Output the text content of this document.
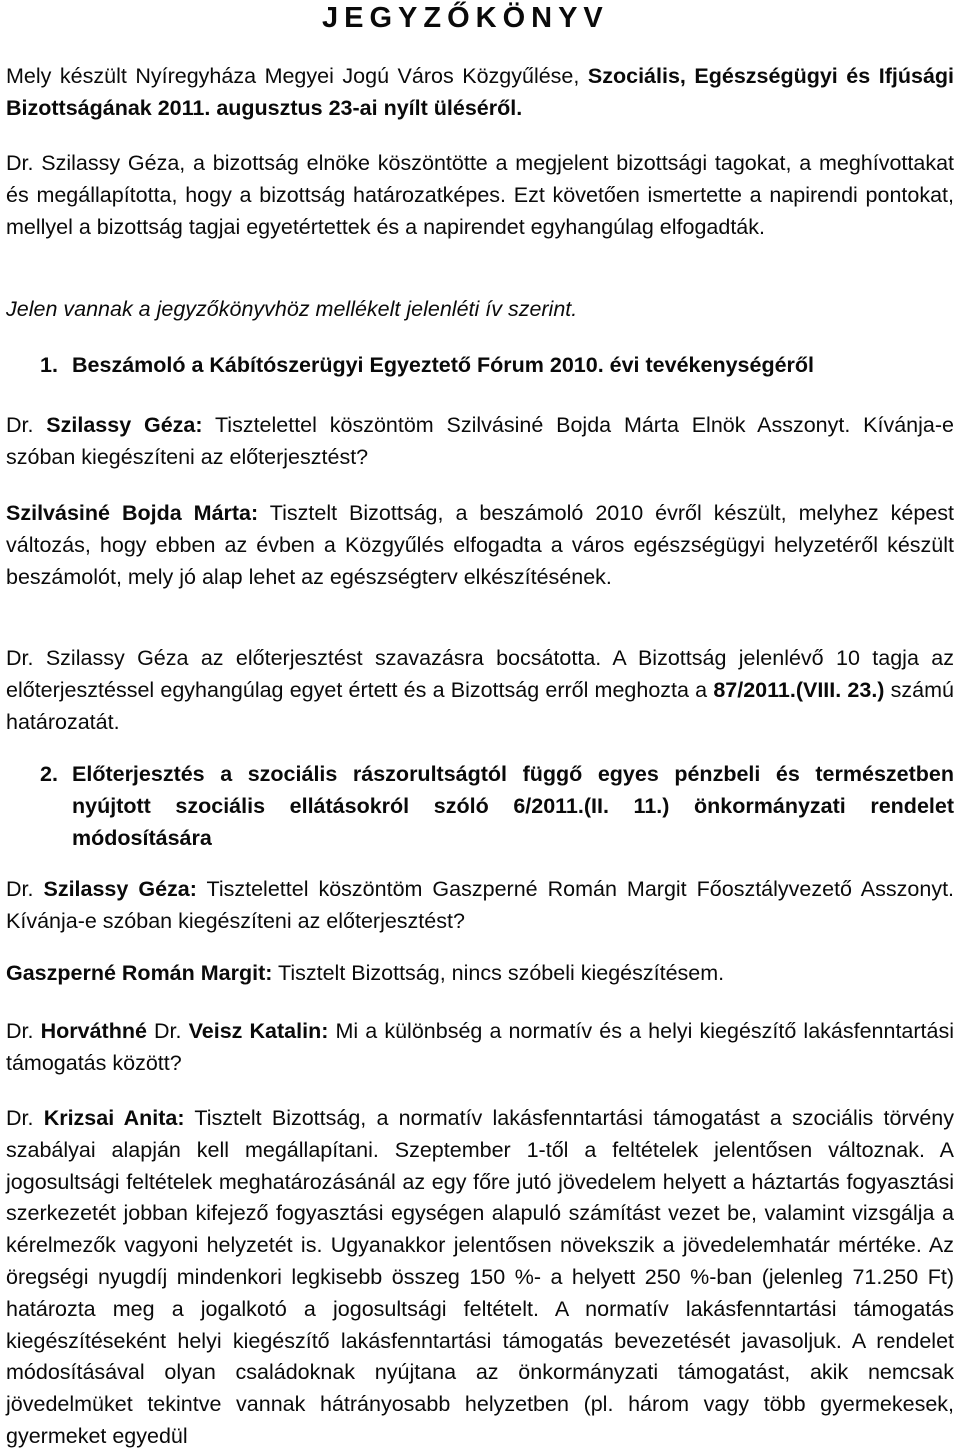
JEGYZŐKÖNYV

Mely készült Nyíregyháza Megyei Jogú Város Közgyűlése, Szociális, Egészségügyi és Ifjúsági Bizottságának 2011. augusztus 23-ai nyílt üléséről.

Dr. Szilassy Géza, a bizottság elnöke köszöntötte a megjelent bizottsági tagokat, a meghívottakat és megállapította, hogy a bizottság határozatképes. Ezt követően ismertette a napirendi pontokat, mellyel a bizottság tagjai egyetértettek és a napirendet egyhangúlag elfogadták.

Jelen vannak a jegyzőkönyvhöz mellékelt jelenléti ív szerint.

1. Beszámoló a Kábítószerügyi Egyeztető Fórum 2010. évi tevékenységéről

Dr. Szilassy Géza: Tisztelettel köszöntöm Szilvásiné Bojda Márta Elnök Asszonyt. Kívánja-e szóban kiegészíteni az előterjesztést?

Szilvásiné Bojda Márta: Tisztelt Bizottság, a beszámoló 2010 évről készült, melyhez képest változás, hogy ebben az évben a Közgyűlés elfogadta a város egészségügyi helyzetéről készült beszámolót, mely jó alap lehet az egészségterv elkészítésének.

Dr. Szilassy Géza az előterjesztést szavazásra bocsátotta. A Bizottság jelenlévő 10 tagja az előterjesztéssel egyhangúlag egyet értett és a Bizottság erről meghozta a 87/2011.(VIII. 23.) számú határozatát.

2. Előterjesztés a szociális rászorultságtól függő egyes pénzbeli és természetben nyújtott szociális ellátásokról szóló 6/2011.(II. 11.) önkormányzati rendelet módosítására

Dr. Szilassy Géza: Tisztelettel köszöntöm Gaszperné Román Margit Főosztályvezető Asszonyt. Kívánja-e szóban kiegészíteni az előterjesztést?

Gaszperné Román Margit: Tisztelt Bizottság, nincs szóbeli kiegészítésem.

Dr. Horváthné Dr. Veisz Katalin: Mi a különbség a normatív és a helyi kiegészítő lakásfenntartási támogatás között?

Dr. Krizsai Anita: Tisztelt Bizottság, a normatív lakásfenntartási támogatást a szociális törvény szabályai alapján kell megállapítani. Szeptember 1-től a feltételek jelentősen változnak. A jogosultsági feltételek meghatározásánál az egy főre jutó jövedelem helyett a háztartás fogyasztási szerkezetét jobban kifejező fogyasztási egységen alapuló számítást vezet be, valamint vizsgálja a kérelmezők vagyoni helyzetét is. Ugyanakkor jelentősen növekszik a jövedelemhatár mértéke. Az öregségi nyugdíj mindenkori legkisebb összeg 150 %- a helyett 250 %-ban (jelenleg 71.250 Ft) határozta meg a jogalkotó a jogosultsági feltételt. A normatív lakásfenntartási támogatás kiegészítéseként helyi kiegészítő lakásfenntartási támogatás bevezetését javasoljuk. A rendelet módosításával olyan családoknak nyújtana az önkormányzati támogatást, akik nemcsak jövedelmüket tekintve vannak hátrányosabb helyzetben (pl. három vagy több gyermekesek, gyermeket egyedül
